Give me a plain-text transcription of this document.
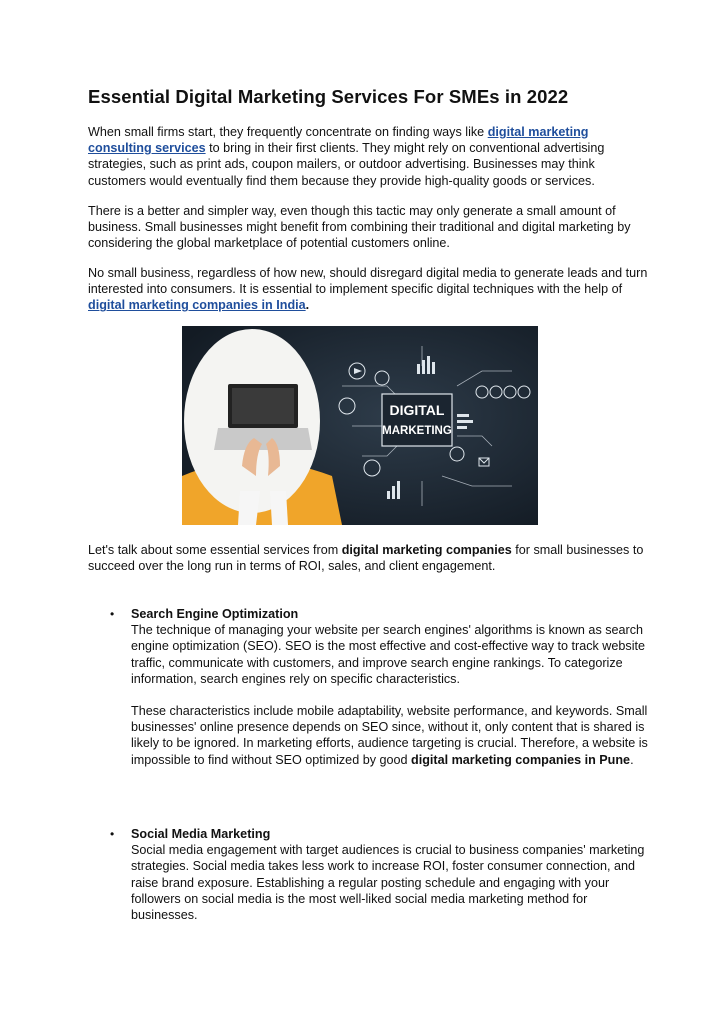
Essential Digital Marketing Services For SMEs in 2022

When small firms start, they frequently concentrate on finding ways like digital marketing consulting services to bring in their first clients. They might rely on conventional advertising strategies, such as print ads, coupon mailers, or outdoor advertising. Businesses may think customers would eventually find them because they provide high-quality goods or services.

There is a better and simpler way, even though this tactic may only generate a small amount of business. Small businesses might benefit from combining their traditional and digital marketing by considering the global marketplace of potential customers online.

No small business, regardless of how new, should disregard digital media to generate leads and turn interested into consumers. It is essential to implement specific digital techniques with the help of digital marketing companies in India.

DIGITAL
MARKETING

Let's talk about some essential services from digital marketing companies for small businesses to succeed over the long run in terms of ROI, sales, and client engagement.

•	Search Engine Optimization

The technique of managing your website per search engines' algorithms is known as search engine optimization (SEO). SEO is the most effective and cost-effective way to track website traffic, communicate with customers, and improve search engine rankings. To categorize information, search engines rely on specific characteristics.

These characteristics include mobile adaptability, website performance, and keywords. Small businesses' online presence depends on SEO since, without it, only content that is shared is likely to be ignored. In marketing efforts, audience targeting is crucial. Therefore, a website is impossible to find without SEO optimized by good digital marketing companies in Pune.

•	Social Media Marketing

Social media engagement with target audiences is crucial to business companies' marketing strategies. Social media takes less work to increase ROI, foster consumer connection, and raise brand exposure. Establishing a regular posting schedule and engaging with your followers on social media is the most well-liked social media marketing method for businesses.
